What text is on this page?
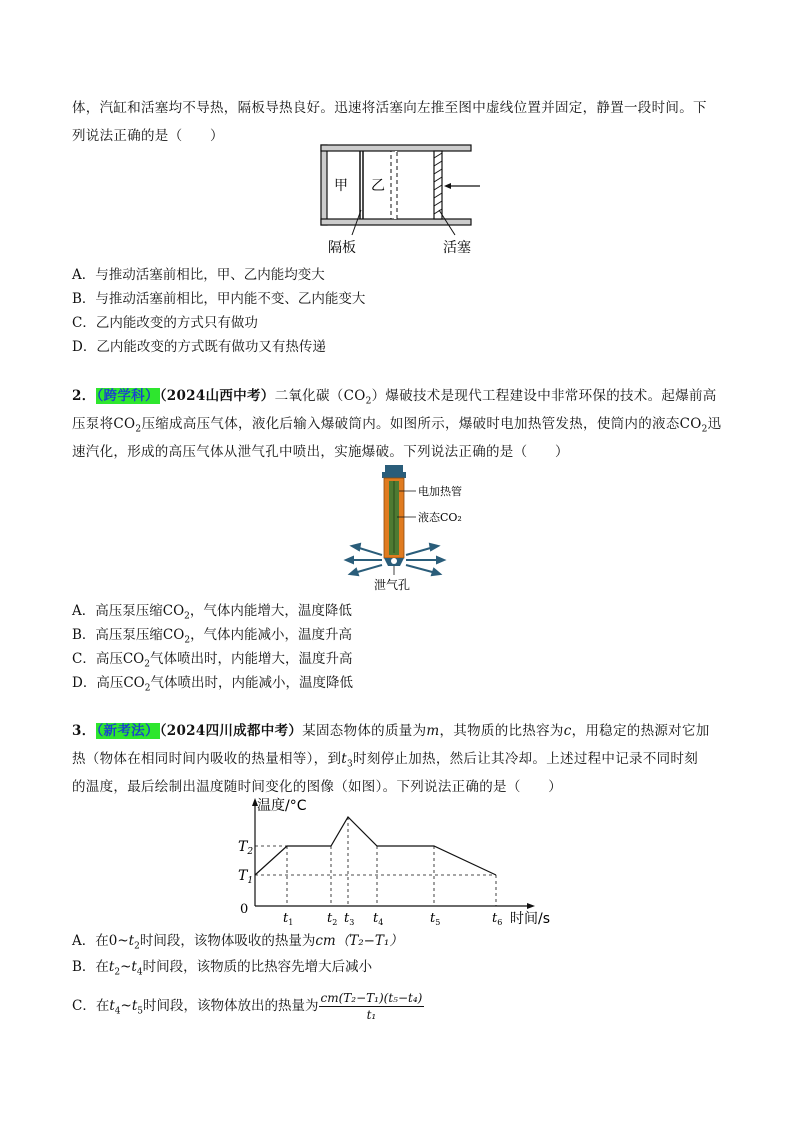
体，汽缸和活塞均不导热，隔板导热良好。迅速将活塞向左推至图中虚线位置并固定，静置一段时间。下
列说法正确的是（　　）
甲 乙
隔板	活塞
A．与推动活塞前相比，甲、乙内能均变大
B．与推动活塞前相比，甲内能不变、乙内能变大
C．乙内能改变的方式只有做功
D．乙内能改变的方式既有做功又有热传递
2．（跨学科）（2024山西中考）二氧化碳$(CO_2)$爆破技术是现代工程建设中非常环保的技术。起爆前高
压泵将$CO_2$压缩成高压气体，液化后输入爆破筒内。如图所示，爆破时电加热管发热，使筒内的液态$CO_2$迅
速汽化，形成的高压气体从泄气孔中喷出，实施爆破。下列说法正确的是（　　）
电加热管
液态CO₂
泄气孔
A．高压泵压缩$CO_2$，气体内能增大，温度降低
B．高压泵压缩$CO_2$，气体内能减小，温度升高
C．高压$CO_2$气体喷出时，内能增大，温度升高
D．高压$CO_2$气体喷出时，内能减小，温度降低
3．（新考法）（2024四川成都中考）某固态物体的质量为m，其物质的比热容为c，用稳定的热源对它加
热（物体在相同时间内吸收的热量相等），到$t_3$时刻停止加热，然后让其冷却。上述过程中记录不同时刻
的温度，最后绘制出温度随时间变化的图像（如图）。下列说法正确的是（　　）
温度/°C
时间/s
0
$T_2$
$T_1$
$t_1$	$t_2$ $t_3$ $t_4$	$t_5$	$t_6$
A．在$0\sim t_2$时间段，该物体吸收的热量为cm（T₂−T₁）
B．在$t_2\sim t_4$时间段，该物质的比热容先增大后减小
C．在$t_4\sim t_5$时间段，该物体放出的热量为 $\frac{\text{cm(T₂−T₁)(t₅−t₄)}}{\text{t₁}}$
